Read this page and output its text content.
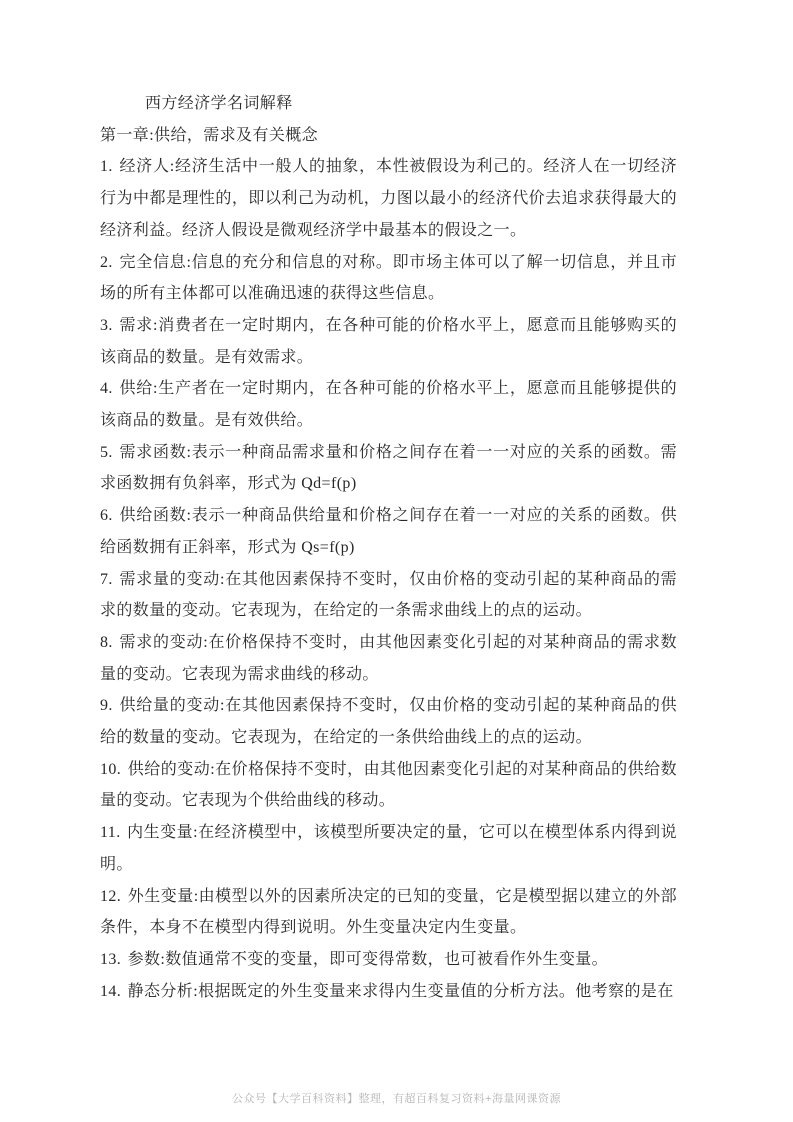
西方经济学名词解释

第一章:供给，需求及有关概念

1. 经济人:经济生活中一般人的抽象，本性被假设为利己的。经济人在一切经济行为中都是理性的，即以利己为动机，力图以最小的经济代价去追求获得最大的经济利益。经济人假设是微观经济学中最基本的假设之一。

2. 完全信息:信息的充分和信息的对称。即市场主体可以了解一切信息，并且市场的所有主体都可以准确迅速的获得这些信息。

3. 需求:消费者在一定时期内，在各种可能的价格水平上，愿意而且能够购买的该商品的数量。是有效需求。

4. 供给:生产者在一定时期内，在各种可能的价格水平上，愿意而且能够提供的该商品的数量。是有效供给。

5. 需求函数:表示一种商品需求量和价格之间存在着一一对应的关系的函数。需求函数拥有负斜率，形式为 Qd=f(p)

6. 供给函数:表示一种商品供给量和价格之间存在着一一对应的关系的函数。供给函数拥有正斜率，形式为 Qs=f(p)

7. 需求量的变动:在其他因素保持不变时，仅由价格的变动引起的某种商品的需求的数量的变动。它表现为，在给定的一条需求曲线上的点的运动。

8. 需求的变动:在价格保持不变时，由其他因素变化引起的对某种商品的需求数量的变动。它表现为需求曲线的移动。

9. 供给量的变动:在其他因素保持不变时，仅由价格的变动引起的某种商品的供给的数量的变动。它表现为，在给定的一条供给曲线上的点的运动。

10. 供给的变动:在价格保持不变时，由其他因素变化引起的对某种商品的供给数量的变动。它表现为个供给曲线的移动。

11. 内生变量:在经济模型中，该模型所要决定的量，它可以在模型体系内得到说明。

12. 外生变量:由模型以外的因素所决定的已知的变量，它是模型据以建立的外部条件，本身不在模型内得到说明。外生变量决定内生变量。

13. 参数:数值通常不变的变量，即可变得常数，也可被看作外生变量。

14. 静态分析:根据既定的外生变量来求得内生变量值的分析方法。他考察的是在

公众号【大学百科资料】整理，有超百科复习资料+海量网课资源
